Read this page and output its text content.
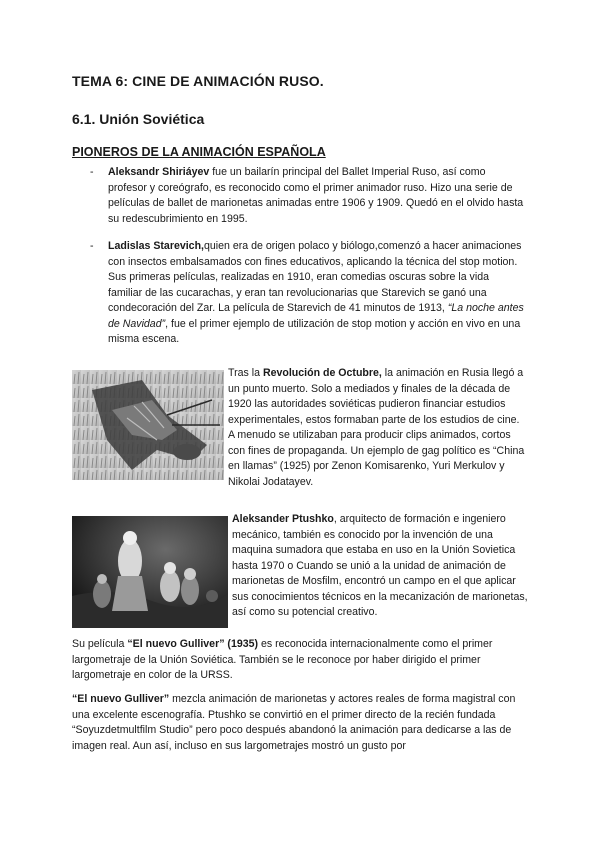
TEMA 6: CINE DE ANIMACIÓN RUSO.
6.1. Unión Soviética
PIONEROS DE LA ANIMACIÓN ESPAÑOLA
- Aleksandr Shiriáyev fue un bailarín principal del Ballet Imperial Ruso, así como profesor y coreógrafo, es reconocido como el primer animador ruso. Hizo una serie de películas de ballet de marionetas animadas entre 1906 y 1909. Quedó en el olvido hasta su redescubrimiento en 1995.
- Ladislas Starevich,quien era de origen polaco y biólogo,comenzó a hacer animaciones con insectos embalsamados con fines educativos, aplicando la técnica del stop motion. Sus primeras películas, realizadas en 1910, eran comedias oscuras sobre la vida familiar de las cucarachas, y eran tan revolucionarias que Starevich se ganó una condecoración del Zar. La película de Starevich de 41 minutos de 1913, “La noche antes de Navidad”, fue el primer ejemplo de utilización de stop motion y acción en vivo en una misma escena.
Tras la Revolución de Octubre, la animación en Rusia llegó a un punto muerto. Solo a mediados y finales de la década de 1920 las autoridades soviéticas pudieron financiar estudios experimentales, estos formaban parte de los estudios de cine. A menudo se utilizaban para producir clips animados, cortos con fines de propaganda. Un ejemplo de gag político es “China en llamas” (1925) por Zenon Komisarenko, Yuri Merkulov y Nikolai Jodatayev.
Aleksander Ptushko, arquitecto de formación e ingeniero mecánico, también es conocido por la invención de una maquina sumadora que estaba en uso en la Unión Sovietica hasta 1970 o Cuando se unió a la unidad de animación de marionetas de Mosfilm, encontró un campo en el que aplicar sus conocimientos técnicos en la mecanización de marionetas, así como su potencial creativo.
Su película “El nuevo Gulliver” (1935) es reconocida internacionalmente como el primer largometraje de la Unión Soviética. También se le reconoce por haber dirigido el primer largometraje en color de la URSS.
“El nuevo Gulliver” mezcla animación de marionetas y actores reales de forma magistral con una excelente escenografía. Ptushko se convirtió en el primer directo de la recién fundada “Soyuzdetmultfilm Studio” pero poco después abandonó la animación para dedicarse a las de imagen real. Aun así, incluso en sus largometrajes mostró un gusto por
